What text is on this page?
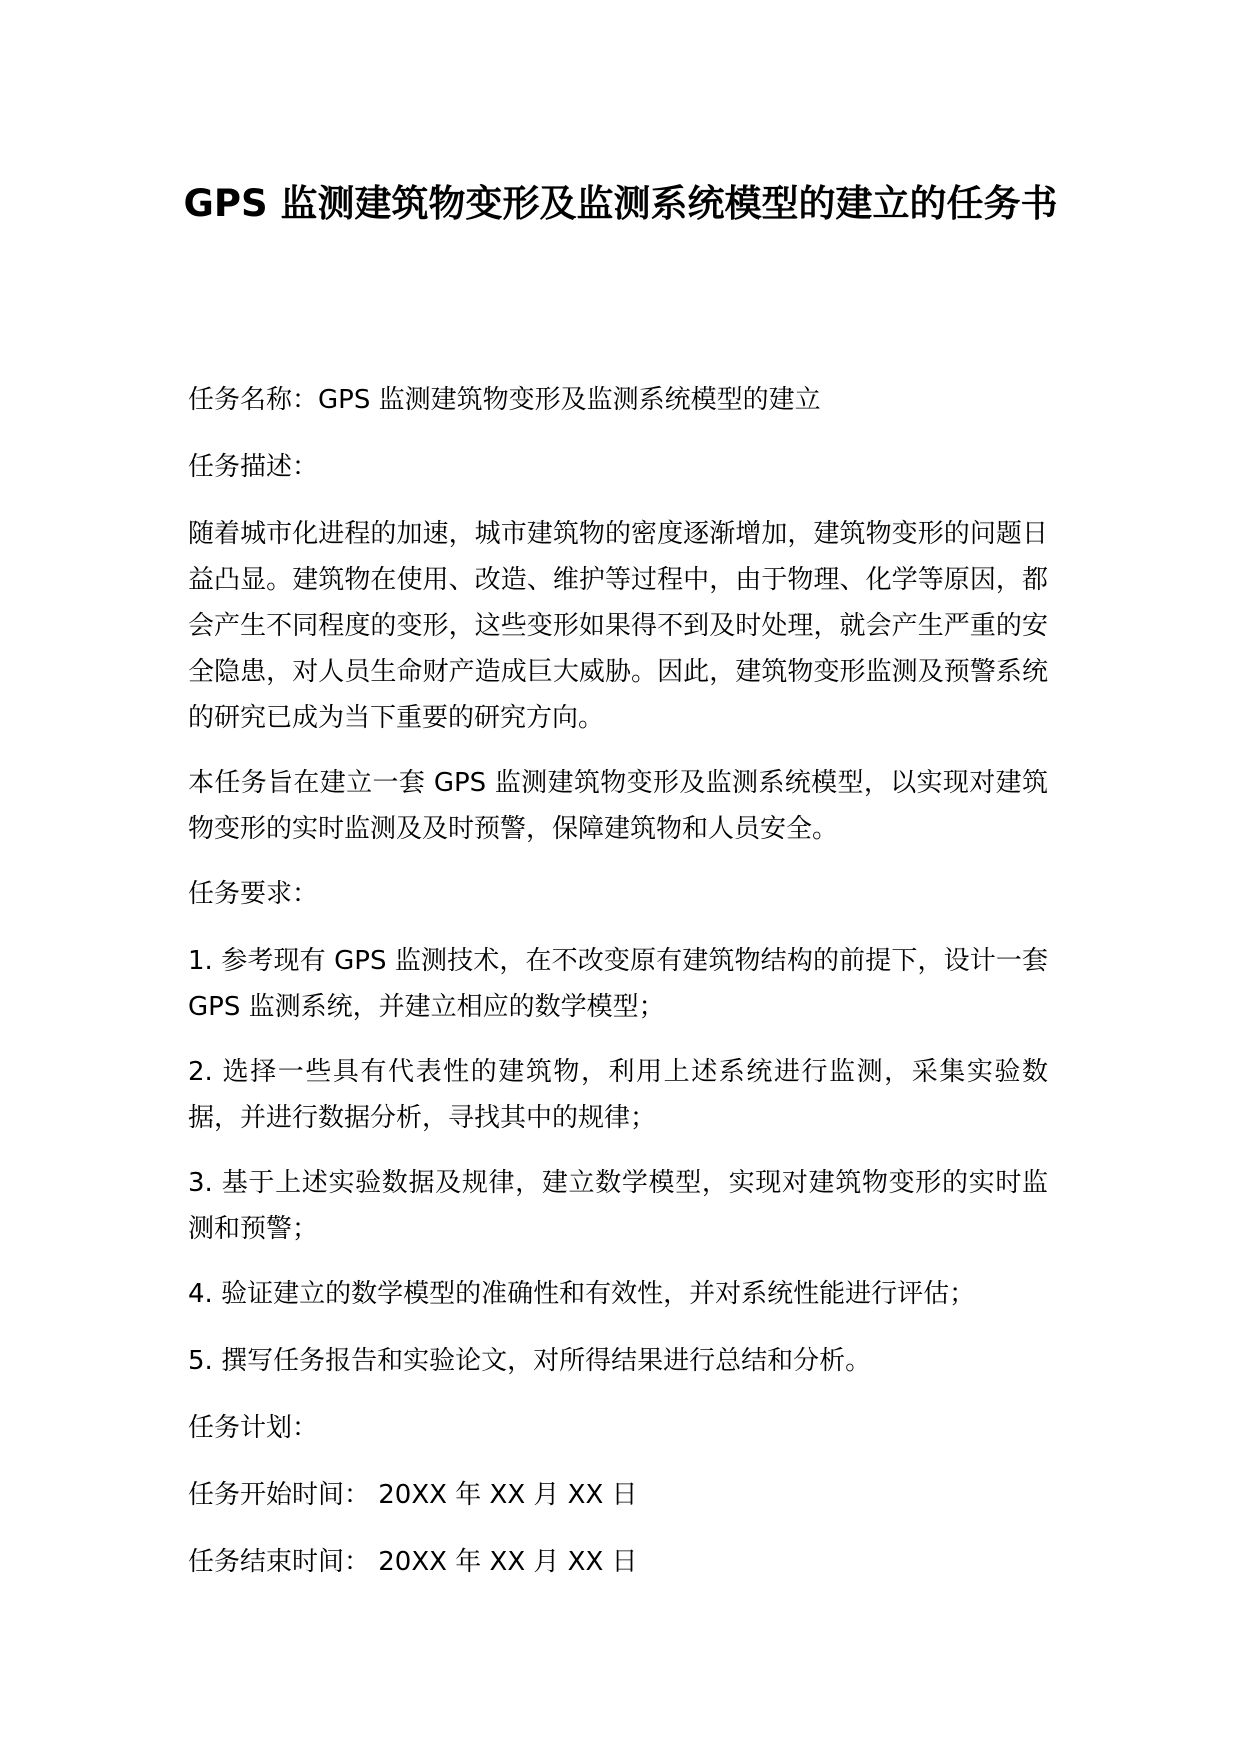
GPS 监测建筑物变形及监测系统模型的建立的任务书

任务名称：GPS 监测建筑物变形及监测系统模型的建立

任务描述：

随着城市化进程的加速，城市建筑物的密度逐渐增加，建筑物变形的问题日益凸显。建筑物在使用、改造、维护等过程中，由于物理、化学等原因，都会产生不同程度的变形，这些变形如果得不到及时处理，就会产生严重的安全隐患，对人员生命财产造成巨大威胁。因此，建筑物变形监测及预警系统的研究已成为当下重要的研究方向。

本任务旨在建立一套 GPS 监测建筑物变形及监测系统模型，以实现对建筑物变形的实时监测及及时预警，保障建筑物和人员安全。

任务要求：

1. 参考现有 GPS 监测技术，在不改变原有建筑物结构的前提下，设计一套 GPS 监测系统，并建立相应的数学模型；

2. 选择一些具有代表性的建筑物，利用上述系统进行监测，采集实验数据，并进行数据分析，寻找其中的规律；

3. 基于上述实验数据及规律，建立数学模型，实现对建筑物变形的实时监测和预警；

4. 验证建立的数学模型的准确性和有效性，并对系统性能进行评估；

5. 撰写任务报告和实验论文，对所得结果进行总结和分析。

任务计划：

任务开始时间： 20XX 年 XX 月 XX 日

任务结束时间： 20XX 年 XX 月 XX 日
